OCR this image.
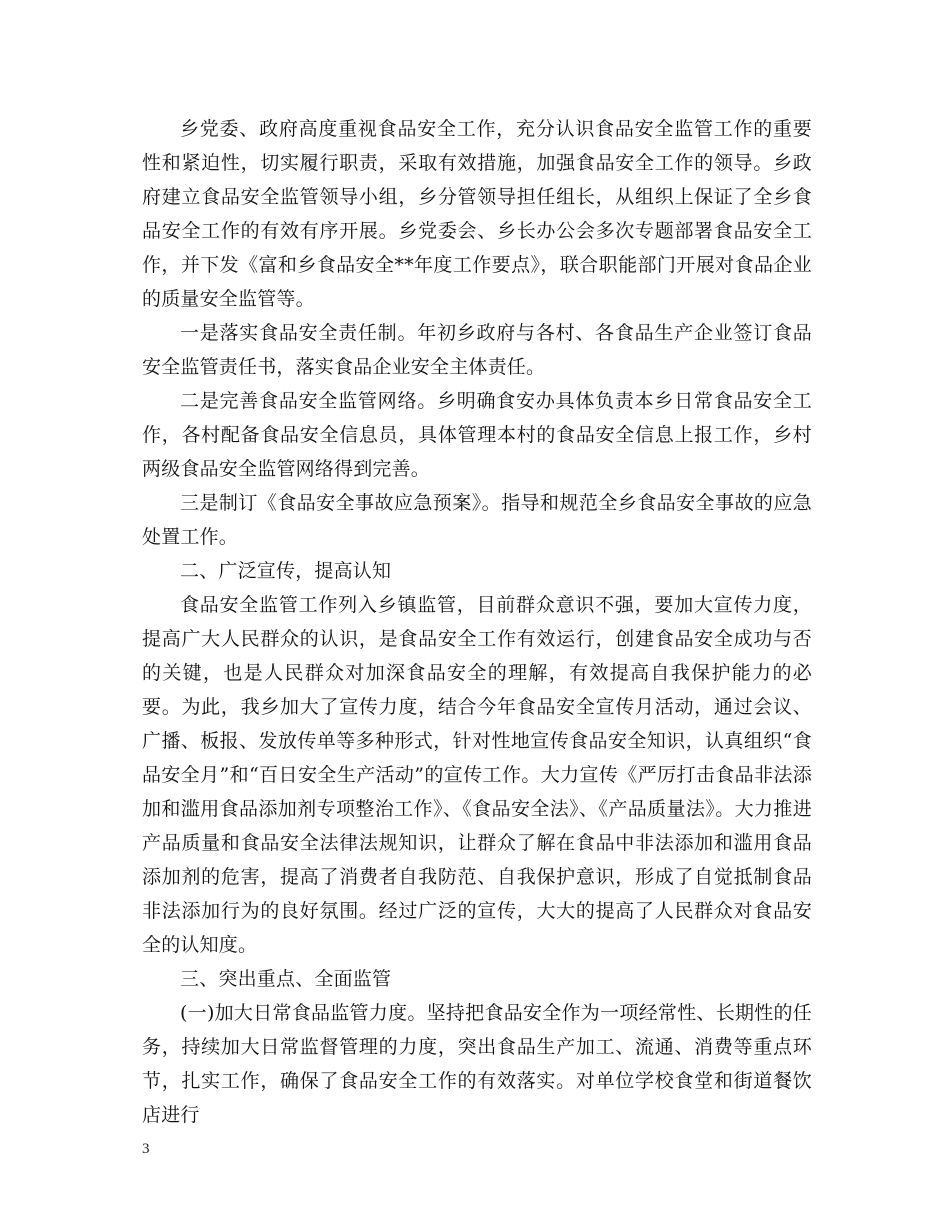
乡党委、政府高度重视食品安全工作，充分认识食品安全监管工作的重要性和紧迫性，切实履行职责，采取有效措施，加强食品安全工作的领导。乡政府建立食品安全监管领导小组，乡分管领导担任组长，从组织上保证了全乡食品安全工作的有效有序开展。乡党委会、乡长办公会多次专题部署食品安全工作，并下发《富和乡食品安全**年度工作要点》，联合职能部门开展对食品企业的质量安全监管等。

一是落实食品安全责任制。年初乡政府与各村、各食品生产企业签订食品安全监管责任书，落实食品企业安全主体责任。

二是完善食品安全监管网络。乡明确食安办具体负责本乡日常食品安全工作，各村配备食品安全信息员，具体管理本村的食品安全信息上报工作，乡村两级食品安全监管网络得到完善。

三是制订《食品安全事故应急预案》。指导和规范全乡食品安全事故的应急处置工作。

二、广泛宣传，提高认知

食品安全监管工作列入乡镇监管，目前群众意识不强，要加大宣传力度，提高广大人民群众的认识，是食品安全工作有效运行，创建食品安全成功与否的关键，也是人民群众对加深食品安全的理解，有效提高自我保护能力的必要。为此，我乡加大了宣传力度，结合今年食品安全宣传月活动，通过会议、广播、板报、发放传单等多种形式，针对性地宣传食品安全知识，认真组织“食品安全月”和“百日安全生产活动”的宣传工作。大力宣传《严厉打击食品非法添加和滥用食品添加剂专项整治工作》、《食品安全法》、《产品质量法》。大力推进产品质量和食品安全法律法规知识，让群众了解在食品中非法添加和滥用食品添加剂的危害，提高了消费者自我防范、自我保护意识，形成了自觉抵制食品非法添加行为的良好氛围。经过广泛的宣传，大大的提高了人民群众对食品安全的认知度。

三、突出重点、全面监管

(一)加大日常食品监管力度。坚持把食品安全作为一项经常性、长期性的任务，持续加大日常监督管理的力度，突出食品生产加工、流通、消费等重点环节，扎实工作，确保了食品安全工作的有效落实。对单位学校食堂和街道餐饮店进行

3
